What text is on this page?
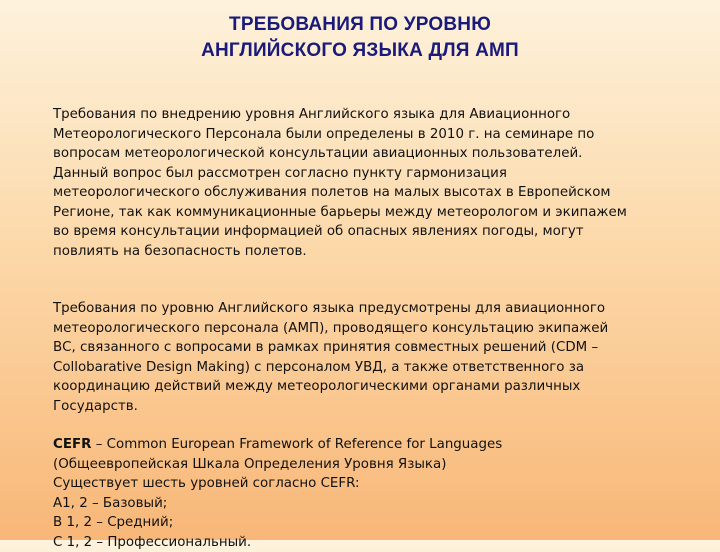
ТРЕБОВАНИЯ ПО УРОВНЮ
АНГЛИЙСКОГО ЯЗЫКА ДЛЯ АМП

Требования по внедрению уровня Английского языка для Авиационного
Метеорологического Персонала были определены в 2010 г. на семинаре по
вопросам метеорологической консультации авиационных пользователей.
Данный вопрос был рассмотрен согласно пункту гармонизация
метеорологического обслуживания полетов на малых высотах в Европейском
Регионе, так как коммуникационные барьеры между метеорологом и экипажем
во время консультации информацией об опасных явлениях погоды, могут
повлиять на безопасность полетов.

Требования по уровню Английского языка предусмотрены для авиационного
метеорологического персонала (АМП), проводящего консультацию экипажей
ВС, связанного с вопросами в рамках принятия совместных решений (CDM –
Collobarative Design Making) с персоналом УВД, а также ответственного за
координацию действий между метеорологическими органами различных
Государств.
CEFR – Common European Framework of Reference for Languages
(Общеевропейская Шкала Определения Уровня Языка)
Существует шесть уровней согласно CEFR:
A1, 2 – Базовый;
B 1, 2 – Средний;
C 1, 2 – Профессиональный.
